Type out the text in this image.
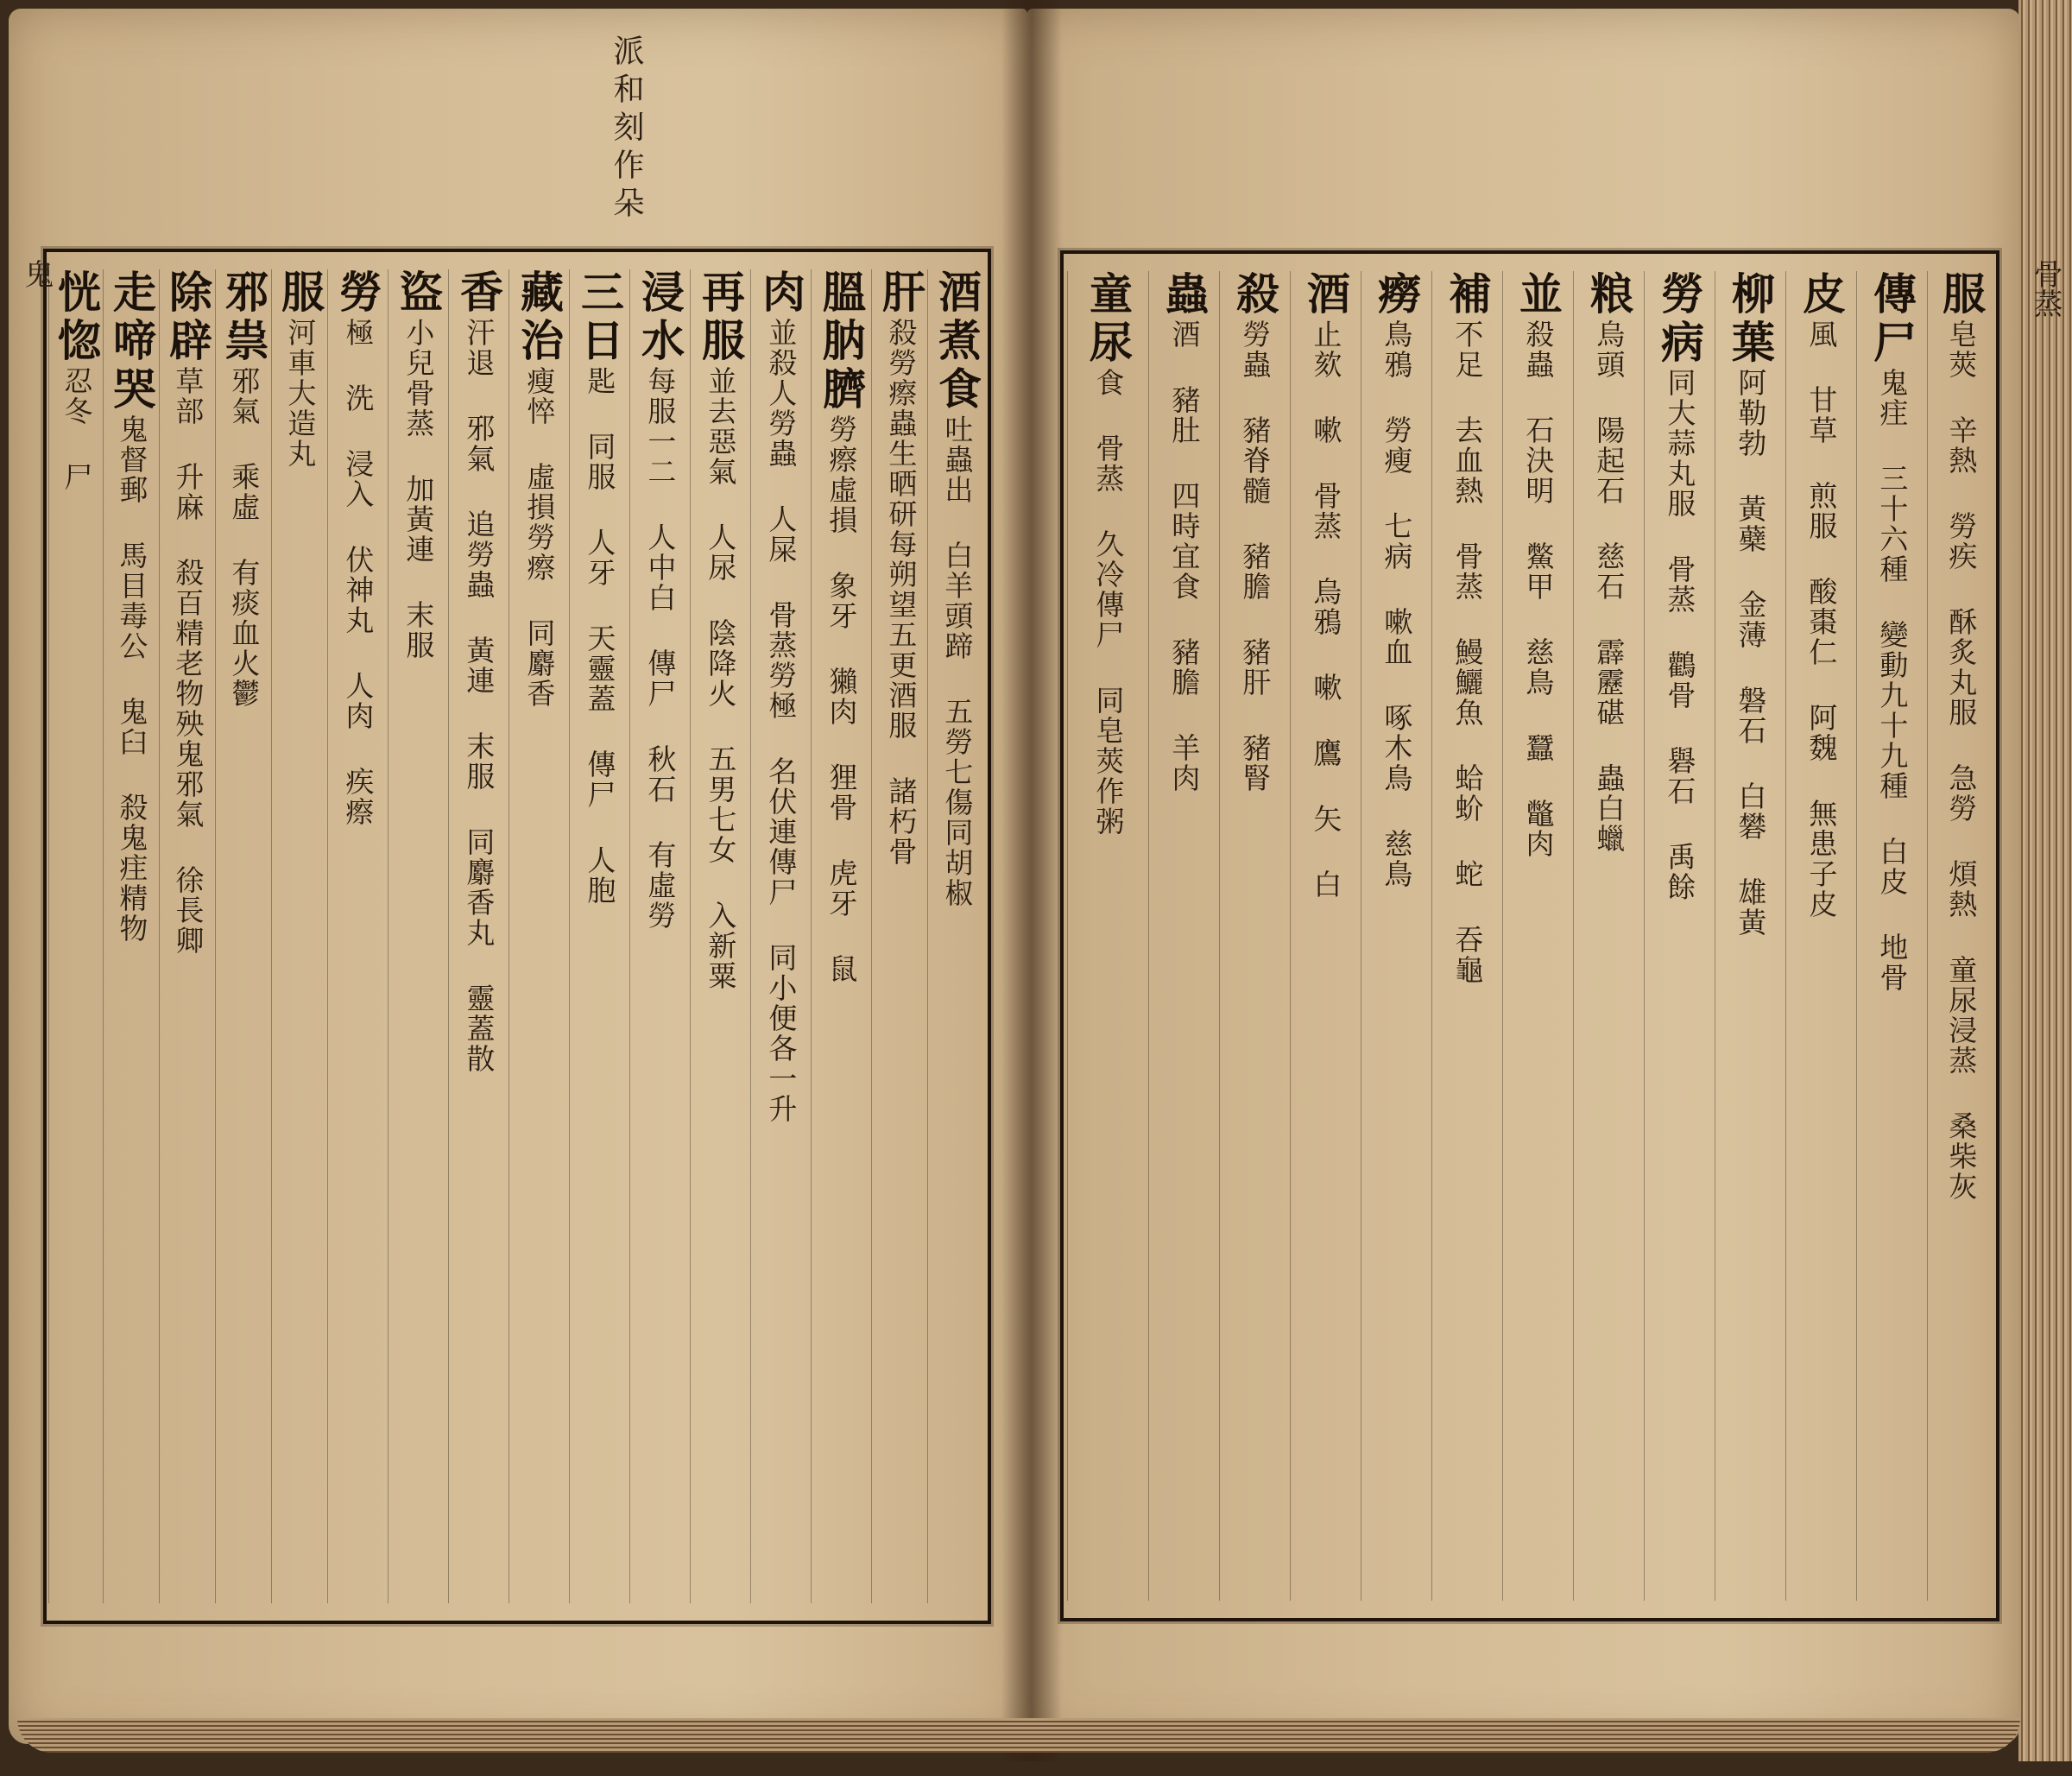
派和刻作朵
酒煮食
吐蟲出 白羊頭蹄 五勞七傷同胡椒
肝
殺勞瘵蟲生晒研每朔望五更酒服 諸朽骨
膃肭臍
勞瘵虛損 象牙 獺肉 狸骨 虎牙 鼠
肉
並殺人勞蟲 人屎 骨蒸勞極 名伏連傳尸 同小便各一升
再服
並去惡氣 人尿 陰降火 五男七女 入新粟
浸水
每服一二 人中白 傳尸 秋石 有虛勞
三日
匙 同服 人牙 天靈蓋 傳尸 人胞
藏治
瘦悴 虛損勞瘵 同麝香
香
汗退 邪氣 追勞蟲 黃連 末服 同麝香丸 靈蓋散
盜
小兒骨蒸 加黃連 末服
勞
極 洗 浸入 伏神丸 人肉 疾瘵
服
河車大造丸
邪祟
邪氣 乘虛 有痰血火鬱
除辟
草部 升麻 殺百精老物殃鬼邪氣 徐長卿
走啼哭
鬼督郵 馬目毒公 鬼臼 殺鬼疰精物
恍惚
忍冬 尸
服
皂莢 辛熱 勞疾 酥炙丸服 急勞 煩熱 童尿浸蒸 桑柴灰
傳尸
鬼疰 三十六種 變動九十九種 白皮 地骨
皮
風 甘草 煎服 酸棗仁 阿魏 無患子皮
柳葉
阿勒勃 黃蘗 金薄 磐石 白礬 雄黃
勞病
同大蒜丸服 骨蒸 鸛骨 礜石 禹餘
粮
烏頭 陽起石 慈石 霹靂碪 蟲白蠟
並
殺蟲 石決明 鱉甲 慈鳥 蠶 鼈肉
補
不足 去血熱 骨蒸 鰻鱺魚 蛤蚧 蛇 吞龜
癆
鳥鴉 勞瘦 七病 嗽血 啄木鳥 慈鳥
酒
止欬 嗽 骨蒸 烏鴉 嗽 鷹 矢 白
殺
勞蟲 豬脊髓 豬膽 豬肝 豬腎
蟲
酒 豬肚 四時宜食 豬膽 羊肉
童尿
食 骨蒸 久冷傳尸 同皂莢作粥
鬼	骨蒸
